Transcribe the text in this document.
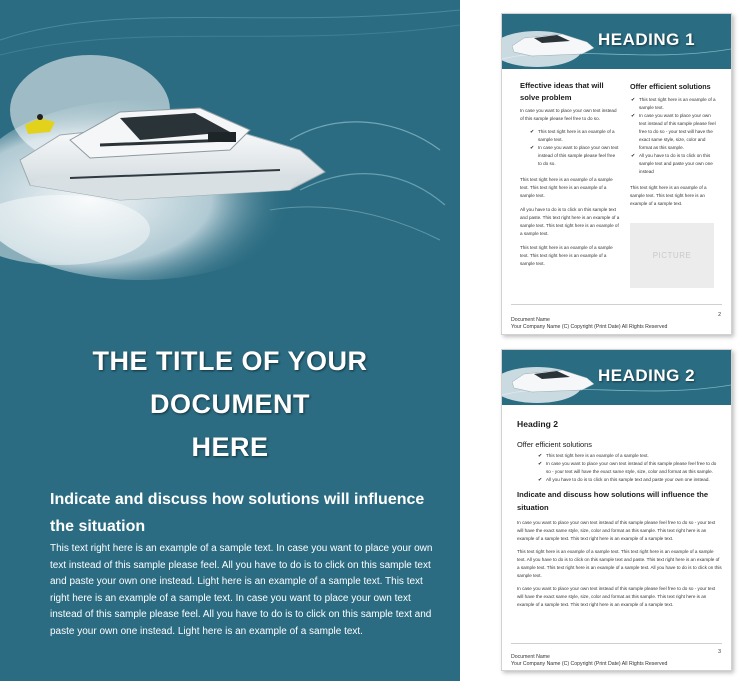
THE TITLE OF YOUR
DOCUMENT
HERE
Indicate and discuss how solutions will influence the situation
This text right here is an example of a sample text. In case you want to place your own text instead of this sample please feel. All you have to do is to click on this sample text and paste your own one instead. Light here is an example of a sample text. This text right here is an example of a sample text. In case you want to place your own text instead of this sample please feel. All you have to do is to click on this sample text and paste your own one instead. Light here is an example of a sample text.
HEADING 1
Effective ideas that will solve problem
In case you want to place your own text instead of this sample please feel free to do so.
✔ This text right here is an example of a sample text.
✔ In case you want to place your own text instead of this sample please feel free to do so.
This text right here is an example of a sample text. This text right here is an example of a sample text.
All you have to do is to click on this sample text and paste. This text right here is an example of a sample text. This text right here is an example of a sample text.
This text right here is an example of a sample text. This text right here is an example of a sample text.
Offer efficient solutions
✔ This text right here is an example of a sample text.
✔ In case you want to place your own text instead of this sample please feel free to do so - your text will have the exact same style, size, color and format as this sample.
✔ All you have to do is to click on this sample text and paste your own one instead
This text right here is an example of a sample text. This text right here is an example of a sample text.
PICTURE
2
Document Name
Your Company Name (C) Copyright (Print Date) All Rights Reserved
HEADING 2
Heading 2
Offer efficient solutions
✔ This text right here is an example of a sample text.
✔ In case you want to place your own text instead of this sample please feel free to do so - your text will have the exact same style, size, color and format as this sample.
✔ All you have to do is to click on this sample text and paste your own one instead.
Indicate and discuss how solutions will influence the situation
In case you want to place your own text instead of this sample please feel free to do so - your text will have the exact same style, size, color and format as this sample. This text right here is an example of a sample text. This text right here is an example of a sample text.
This text right here is an example of a sample text. This text right here is an example of a sample text. All you have to do is to click on this sample text and paste. This text right here is an example of a sample text. This text right here is an example of a sample text. All you have to do is to click on this sample text.
In case you want to place your own text instead of this sample please feel free to do so - your text will have the exact same style, size, color and format as this sample. This text right here is an example of a sample text. This text right here is an example of a sample text.
3
Document Name
Your Company Name (C) Copyright (Print Date) All Rights Reserved
